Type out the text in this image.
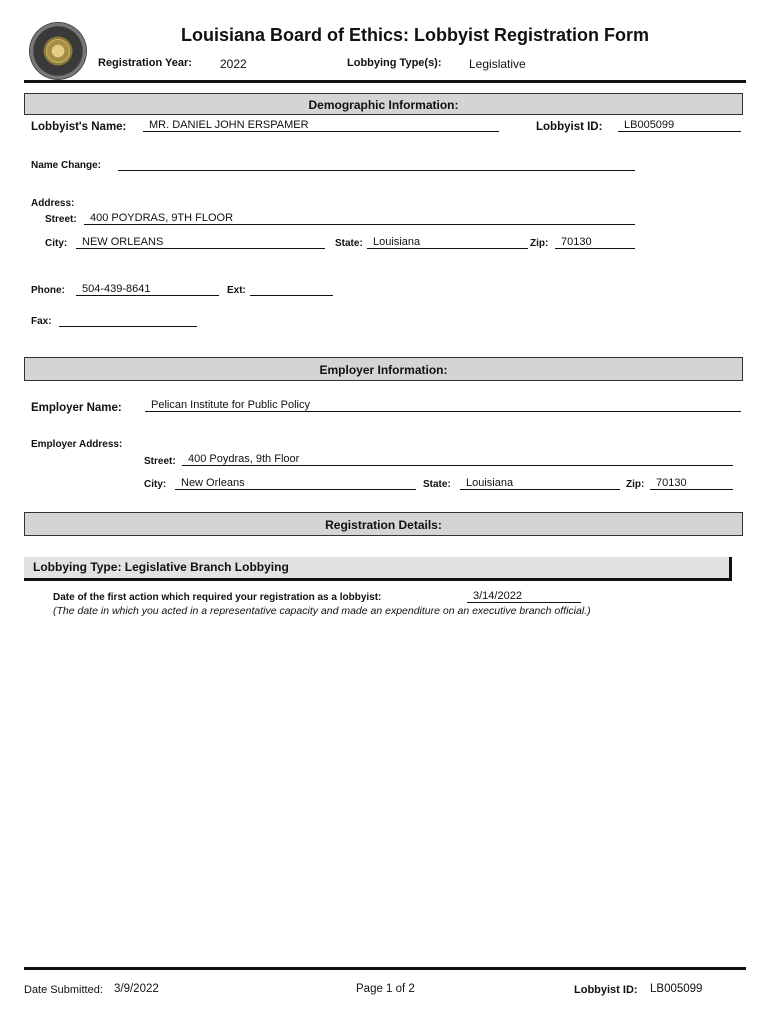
Louisiana Board of Ethics: Lobbyist Registration Form
Registration Year: 2022	Lobbying Type(s): Legislative
Demographic Information:
Lobbyist's Name:	MR. DANIEL JOHN ERSPAMER	Lobbyist ID:	LB005099
Name Change:
Address:
Street:	400 POYDRAS, 9TH FLOOR
City:	NEW ORLEANS	State: Louisiana	Zip:	70130
Phone:	504-439-8641	Ext:
Fax:
Employer Information:
Employer Name:	Pelican Institute for Public Policy
Employer Address:
Street:	400 Poydras, 9th Floor
City:	New Orleans	State:	Louisiana	Zip:	70130
Registration Details:
Lobbying Type: Legislative Branch Lobbying
Date of the first action which required your registration as a lobbyist:	3/14/2022
(The date in which you acted in a representative capacity and made an expenditure on an executive branch official.)
Date Submitted: 3/9/2022	Page 1 of 2	Lobbyist ID: LB005099
